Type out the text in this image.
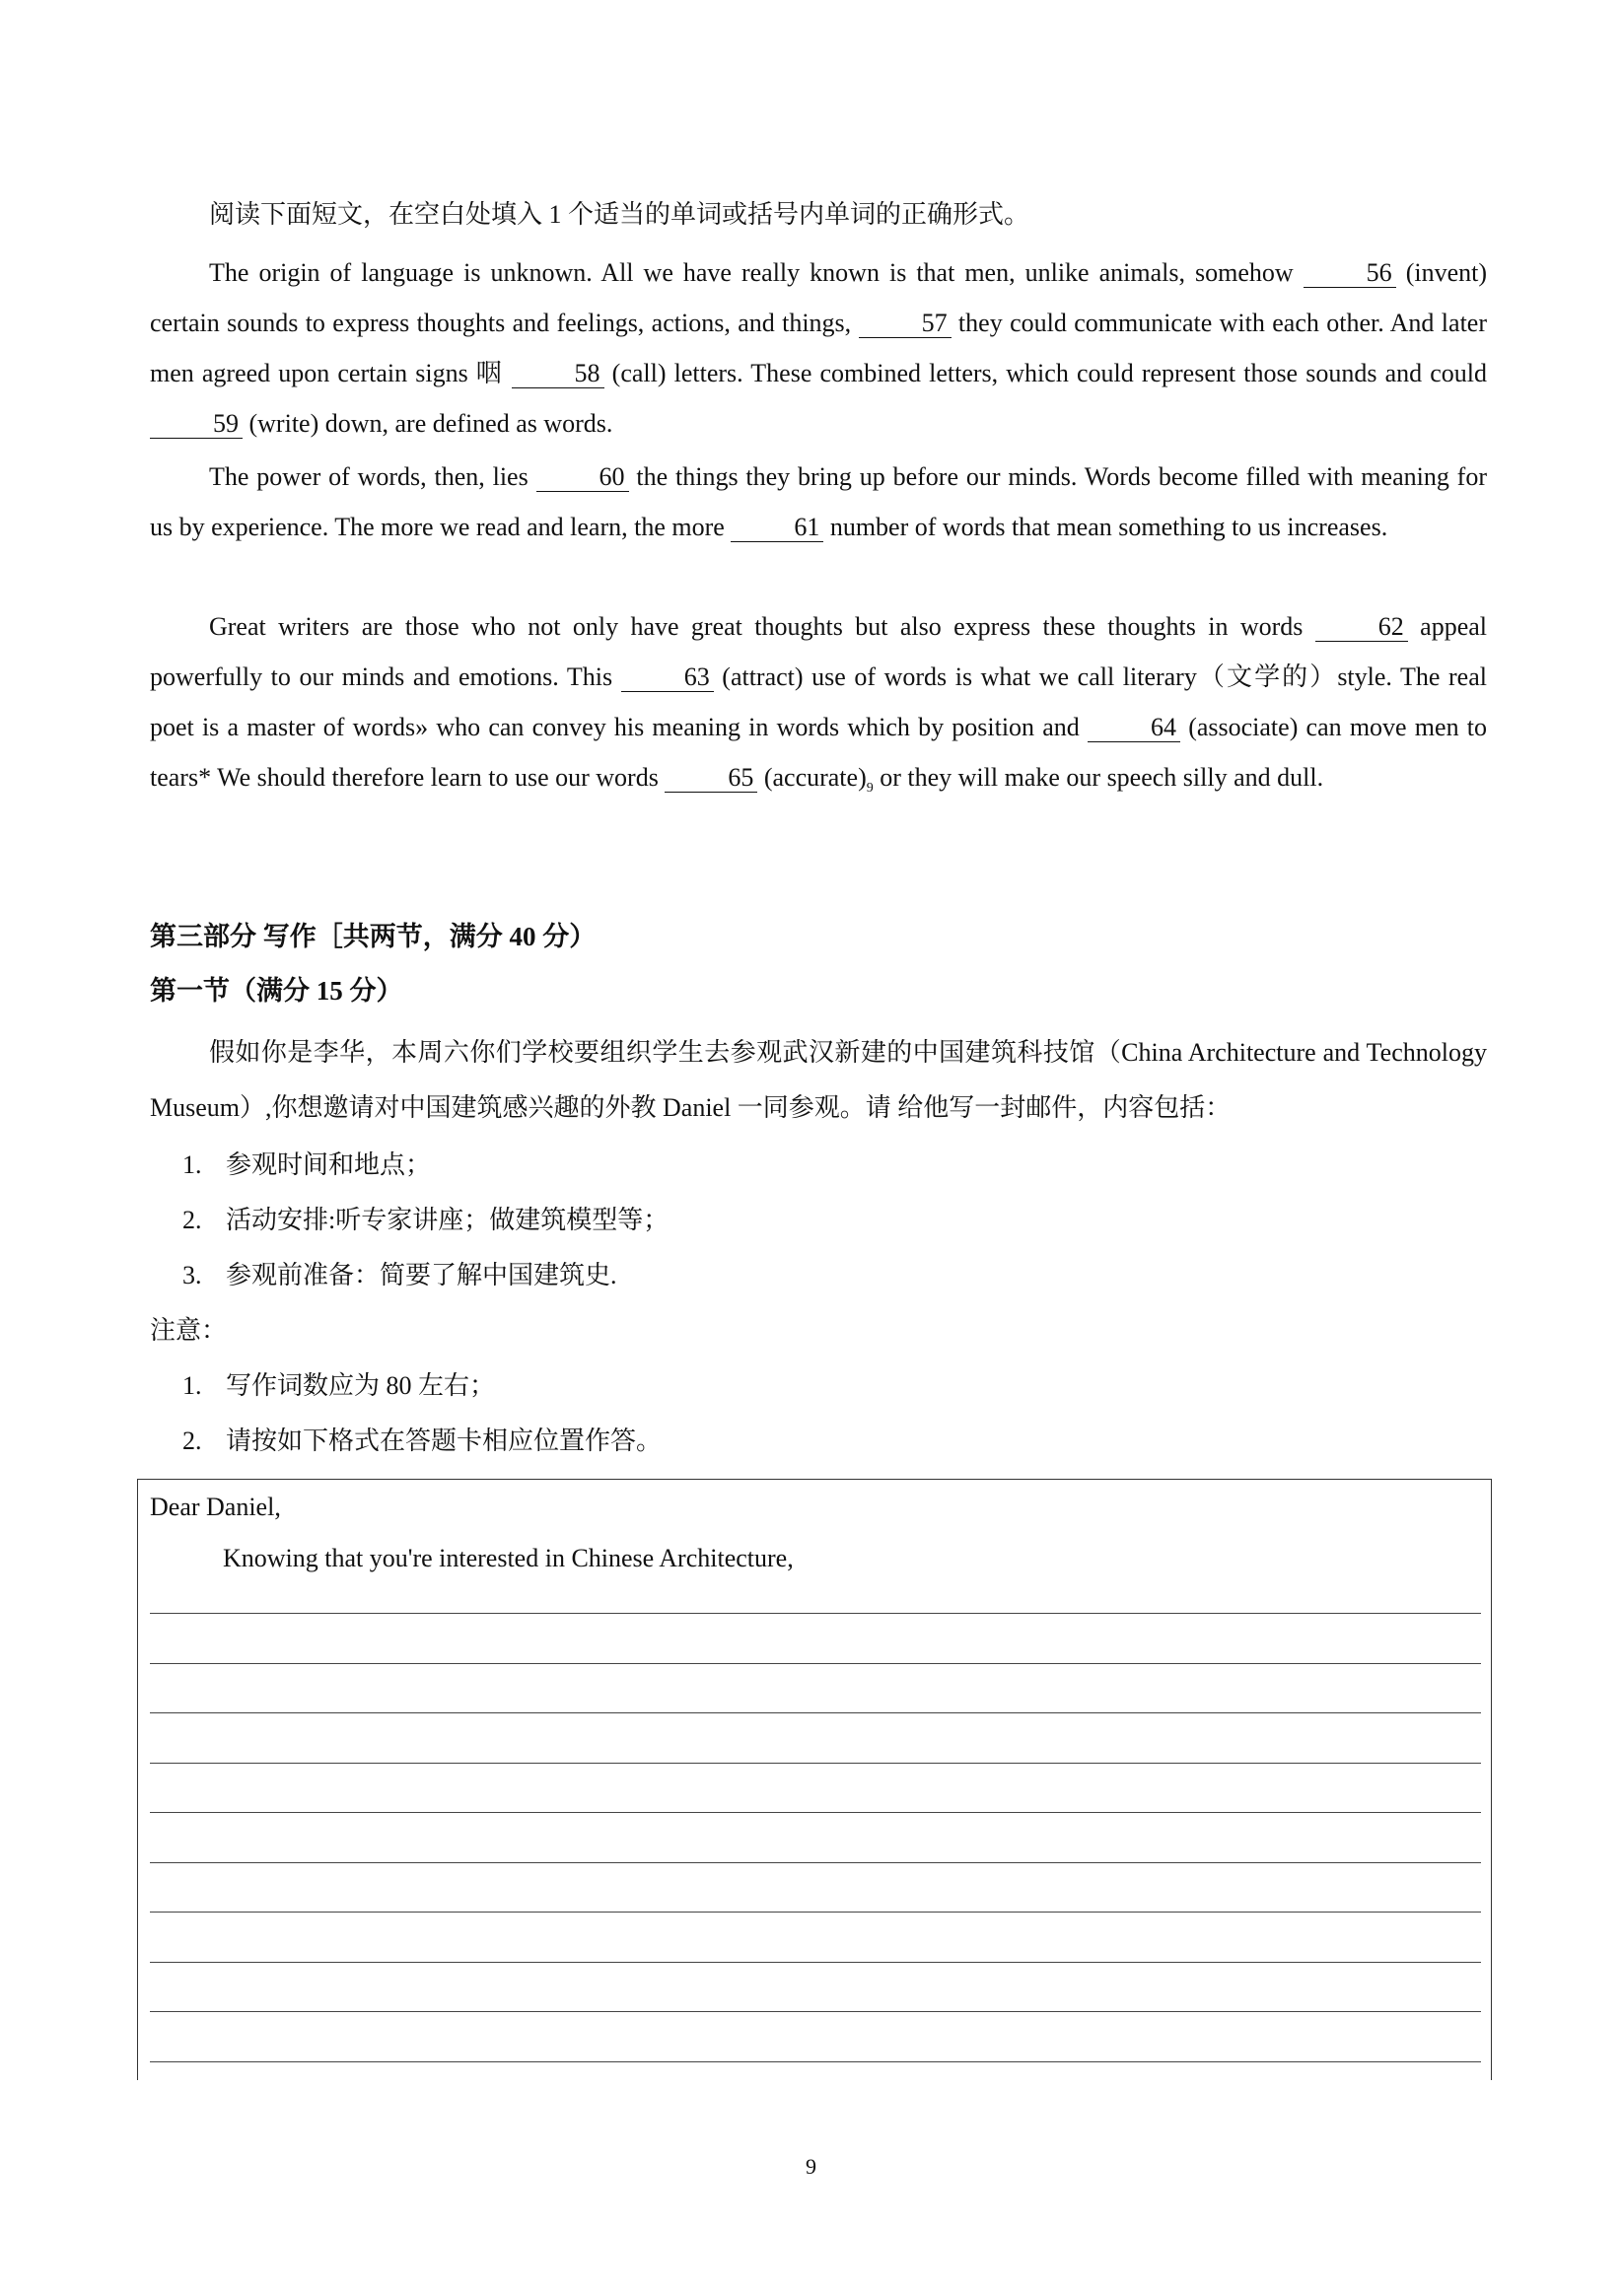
阅读下面短文，在空白处填入 1 个适当的单词或括号内单词的正确形式。

The origin of language is unknown. All we have really known is that men, unlike animals, somehow 56 (invent) certain sounds to express thoughts and feelings, actions, and things, 57 they could communicate with each other. And later men agreed upon certain signs 咽 58 (call) letters. These combined letters, which could represent those sounds and could 59 (write) down, are defined as words.

The power of words, then, lies 60 the things they bring up before our minds. Words become filled with meaning for us by experience. The more we read and learn, the more 61 number of words that mean something to us increases.

Great writers are those who not only have great thoughts but also express these thoughts in words 62 appeal powerfully to our minds and emotions. This 63 (attract) use of words is what we call literary（文学的）style. The real poet is a master of words» who can convey his meaning in words which by position and 64 (associate) can move men to tears* We should therefore learn to use our words 65 $(accurate)_9$ or they will make our speech silly and dull.

第三部分 写作［共两节，满分 40 分）

第一节（满分 15 分）

假如你是李华，本周六你们学校要组织学生去参观武汉新建的中国建筑科技馆（China Architecture and Technology Museum）,你想邀请对中国建筑感兴趣的外教 Daniel 一同参观。请 给他写一封邮件，内容包括：

1. 参观时间和地点；

2. 活动安排:听专家讲座；做建筑模型等；

3. 参观前准备：简要了解中国建筑史.

注意：

1. 写作词数应为 80 左右；

2. 请按如下格式在答题卡相应位置作答。

Dear Daniel,

Knowing that you're interested in Chinese Architecture,

9
